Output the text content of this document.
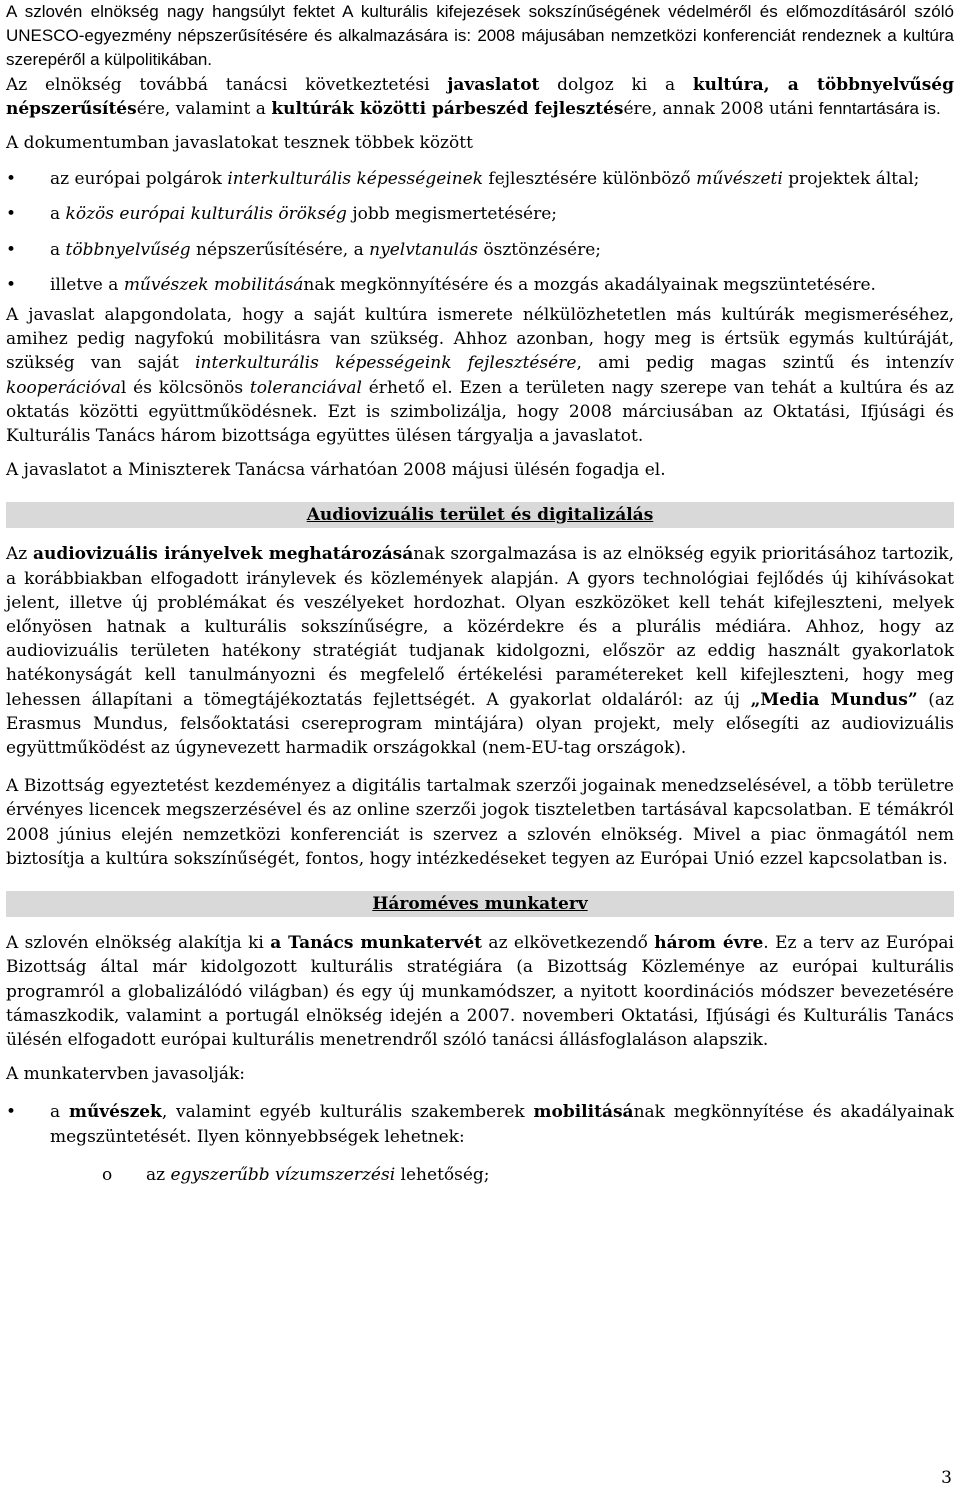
A szlovén elnökség nagy hangsúlyt fektet A kulturális kifejezések sokszínűségének védelméről és előmozdításáról szóló UNESCO-egyezmény népszerűsítésére és alkalmazására is: 2008 májusában nemzetközi konferenciát rendeznek a kultúra szerepéről a külpolitikában.

Az elnökség továbbá tanácsi következtetési javaslatot dolgoz ki a kultúra, a többnyelvűség népszerűsítésére, valamint a kultúrák közötti párbeszéd fejlesztésére, annak 2008 utáni fenntartására is.

A dokumentumban javaslatokat tesznek többek között

•	az európai polgárok interkulturális képességeinek fejlesztésére különböző művészeti projektek által;
•	a közös európai kulturális örökség jobb megismertetésére;
•	a többnyelvűség népszerűsítésére, a nyelvtanulás ösztönzésére;
•	illetve a művészek mobilitásának megkönnyítésére és a mozgás akadályainak megszüntetésére.

A javaslat alapgondolata, hogy a saját kultúra ismerete nélkülözhetetlen más kultúrák megismeréséhez, amihez pedig nagyfokú mobilitásra van szükség. Ahhoz azonban, hogy meg is értsük egymás kultúráját, szükség van saját interkulturális képességeink fejlesztésére, ami pedig magas szintű és intenzív kooperációval és kölcsönös toleranciával érhető el. Ezen a területen nagy szerepe van tehát a kultúra és az oktatás közötti együttműködésnek. Ezt is szimbolizálja, hogy 2008 márciusában az Oktatási, Ifjúsági és Kulturális Tanács három bizottsága együttes ülésen tárgyalja a javaslatot.

A javaslatot a Miniszterek Tanácsa várhatóan 2008 májusi ülésén fogadja el.

Audiovizuális terület és digitalizálás

Az audiovizuális irányelvek meghatározásának szorgalmazása is az elnökség egyik prioritásához tartozik, a korábbiakban elfogadott iránylevek és közlemények alapján. A gyors technológiai fejlődés új kihívásokat jelent, illetve új problémákat és veszélyeket hordozhat. Olyan eszközöket kell tehát kifejleszteni, melyek előnyösen hatnak a kulturális sokszínűségre, a közérdekre és a plurális médiára. Ahhoz, hogy az audiovizuális területen hatékony stratégiát tudjanak kidolgozni, először az eddig használt gyakorlatok hatékonyságát kell tanulmányozni és megfelelő értékelési paramétereket kell kifejleszteni, hogy meg lehessen állapítani a tömegtájékoztatás fejlettségét. A gyakorlat oldaláról: az új „Media Mundus” (az Erasmus Mundus, felsőoktatási csereprogram mintájára) olyan projekt, mely elősegíti az audiovizuális együttműködést az úgynevezett harmadik országokkal (nem-EU-tag országok).

A Bizottság egyeztetést kezdeményez a digitális tartalmak szerzői jogainak menedzselésével, a több területre érvényes licencek megszerzésével és az online szerzői jogok tiszteletben tartásával kapcsolatban. E témákról 2008 június elején nemzetközi konferenciát is szervez a szlovén elnökség. Mivel a piac önmagától nem biztosítja a kultúra sokszínűségét, fontos, hogy intézkedéseket tegyen az Európai Unió ezzel kapcsolatban is.

Hároméves munkaterv

A szlovén elnökség alakítja ki a Tanács munkatervét az elkövetkezendő három évre. Ez a terv az Európai Bizottság által már kidolgozott kulturális stratégiára (a Bizottság Közleménye az európai kulturális programról a globalizálódó világban) és egy új munkamódszer, a nyitott koordinációs módszer bevezetésére támaszkodik, valamint a portugál elnökség idején a 2007. novemberi Oktatási, Ifjúsági és Kulturális Tanács ülésén elfogadott európai kulturális menetrendről szóló tanácsi állásfoglaláson alapszik.

A munkatervben javasolják:

•	a művészek, valamint egyéb kulturális szakemberek mobilitásának megkönnyítése és akadályainak megszüntetését. Ilyen könnyebbségek lehetnek:
o az egyszerűbb vízumszerzési lehetőség;
3
